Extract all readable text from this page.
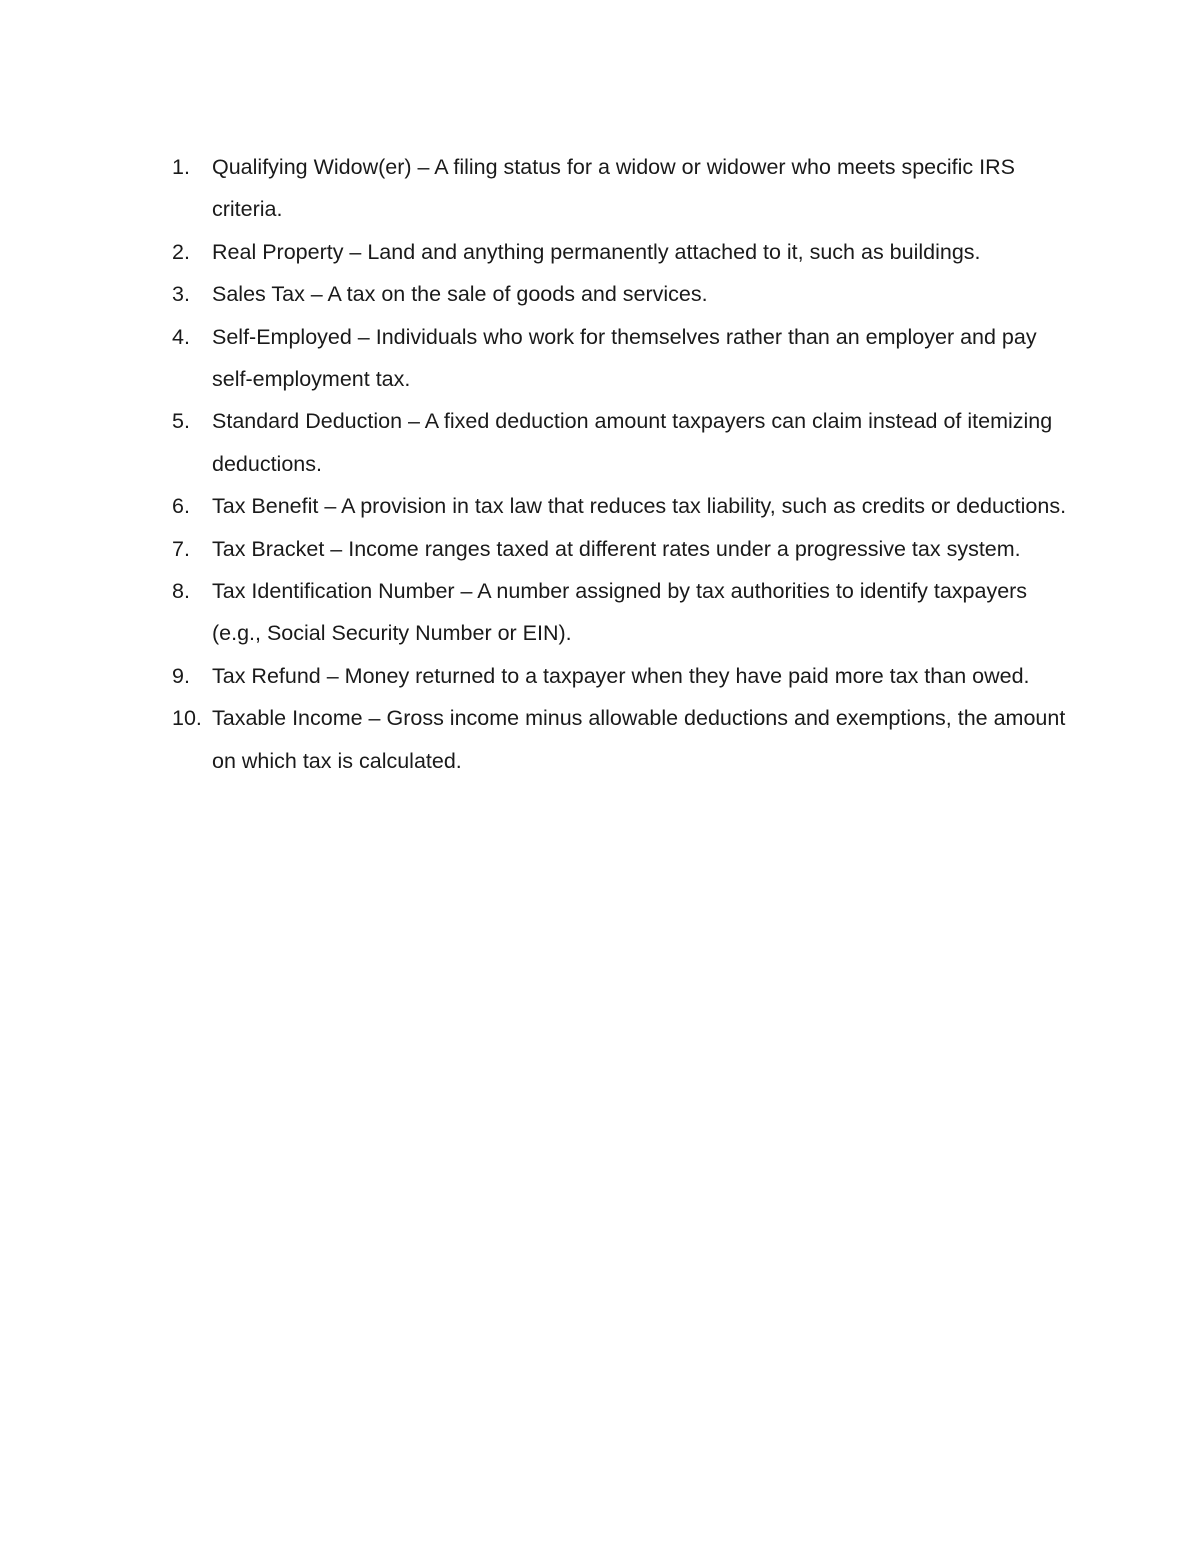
1.	Qualifying Widow(er) – A filing status for a widow or widower who meets specific IRS criteria.
2.	Real Property – Land and anything permanently attached to it, such as buildings.
3.	Sales Tax – A tax on the sale of goods and services.
4.	Self-Employed – Individuals who work for themselves rather than an employer and pay self-employment tax.
5.	Standard Deduction – A fixed deduction amount taxpayers can claim instead of itemizing deductions.
6.	Tax Benefit – A provision in tax law that reduces tax liability, such as credits or deductions.
7.	Tax Bracket – Income ranges taxed at different rates under a progressive tax system.
8.	Tax Identification Number – A number assigned by tax authorities to identify taxpayers (e.g., Social Security Number or EIN).
9.	Tax Refund – Money returned to a taxpayer when they have paid more tax than owed.
10. Taxable Income – Gross income minus allowable deductions and exemptions, the amount on which tax is calculated.
